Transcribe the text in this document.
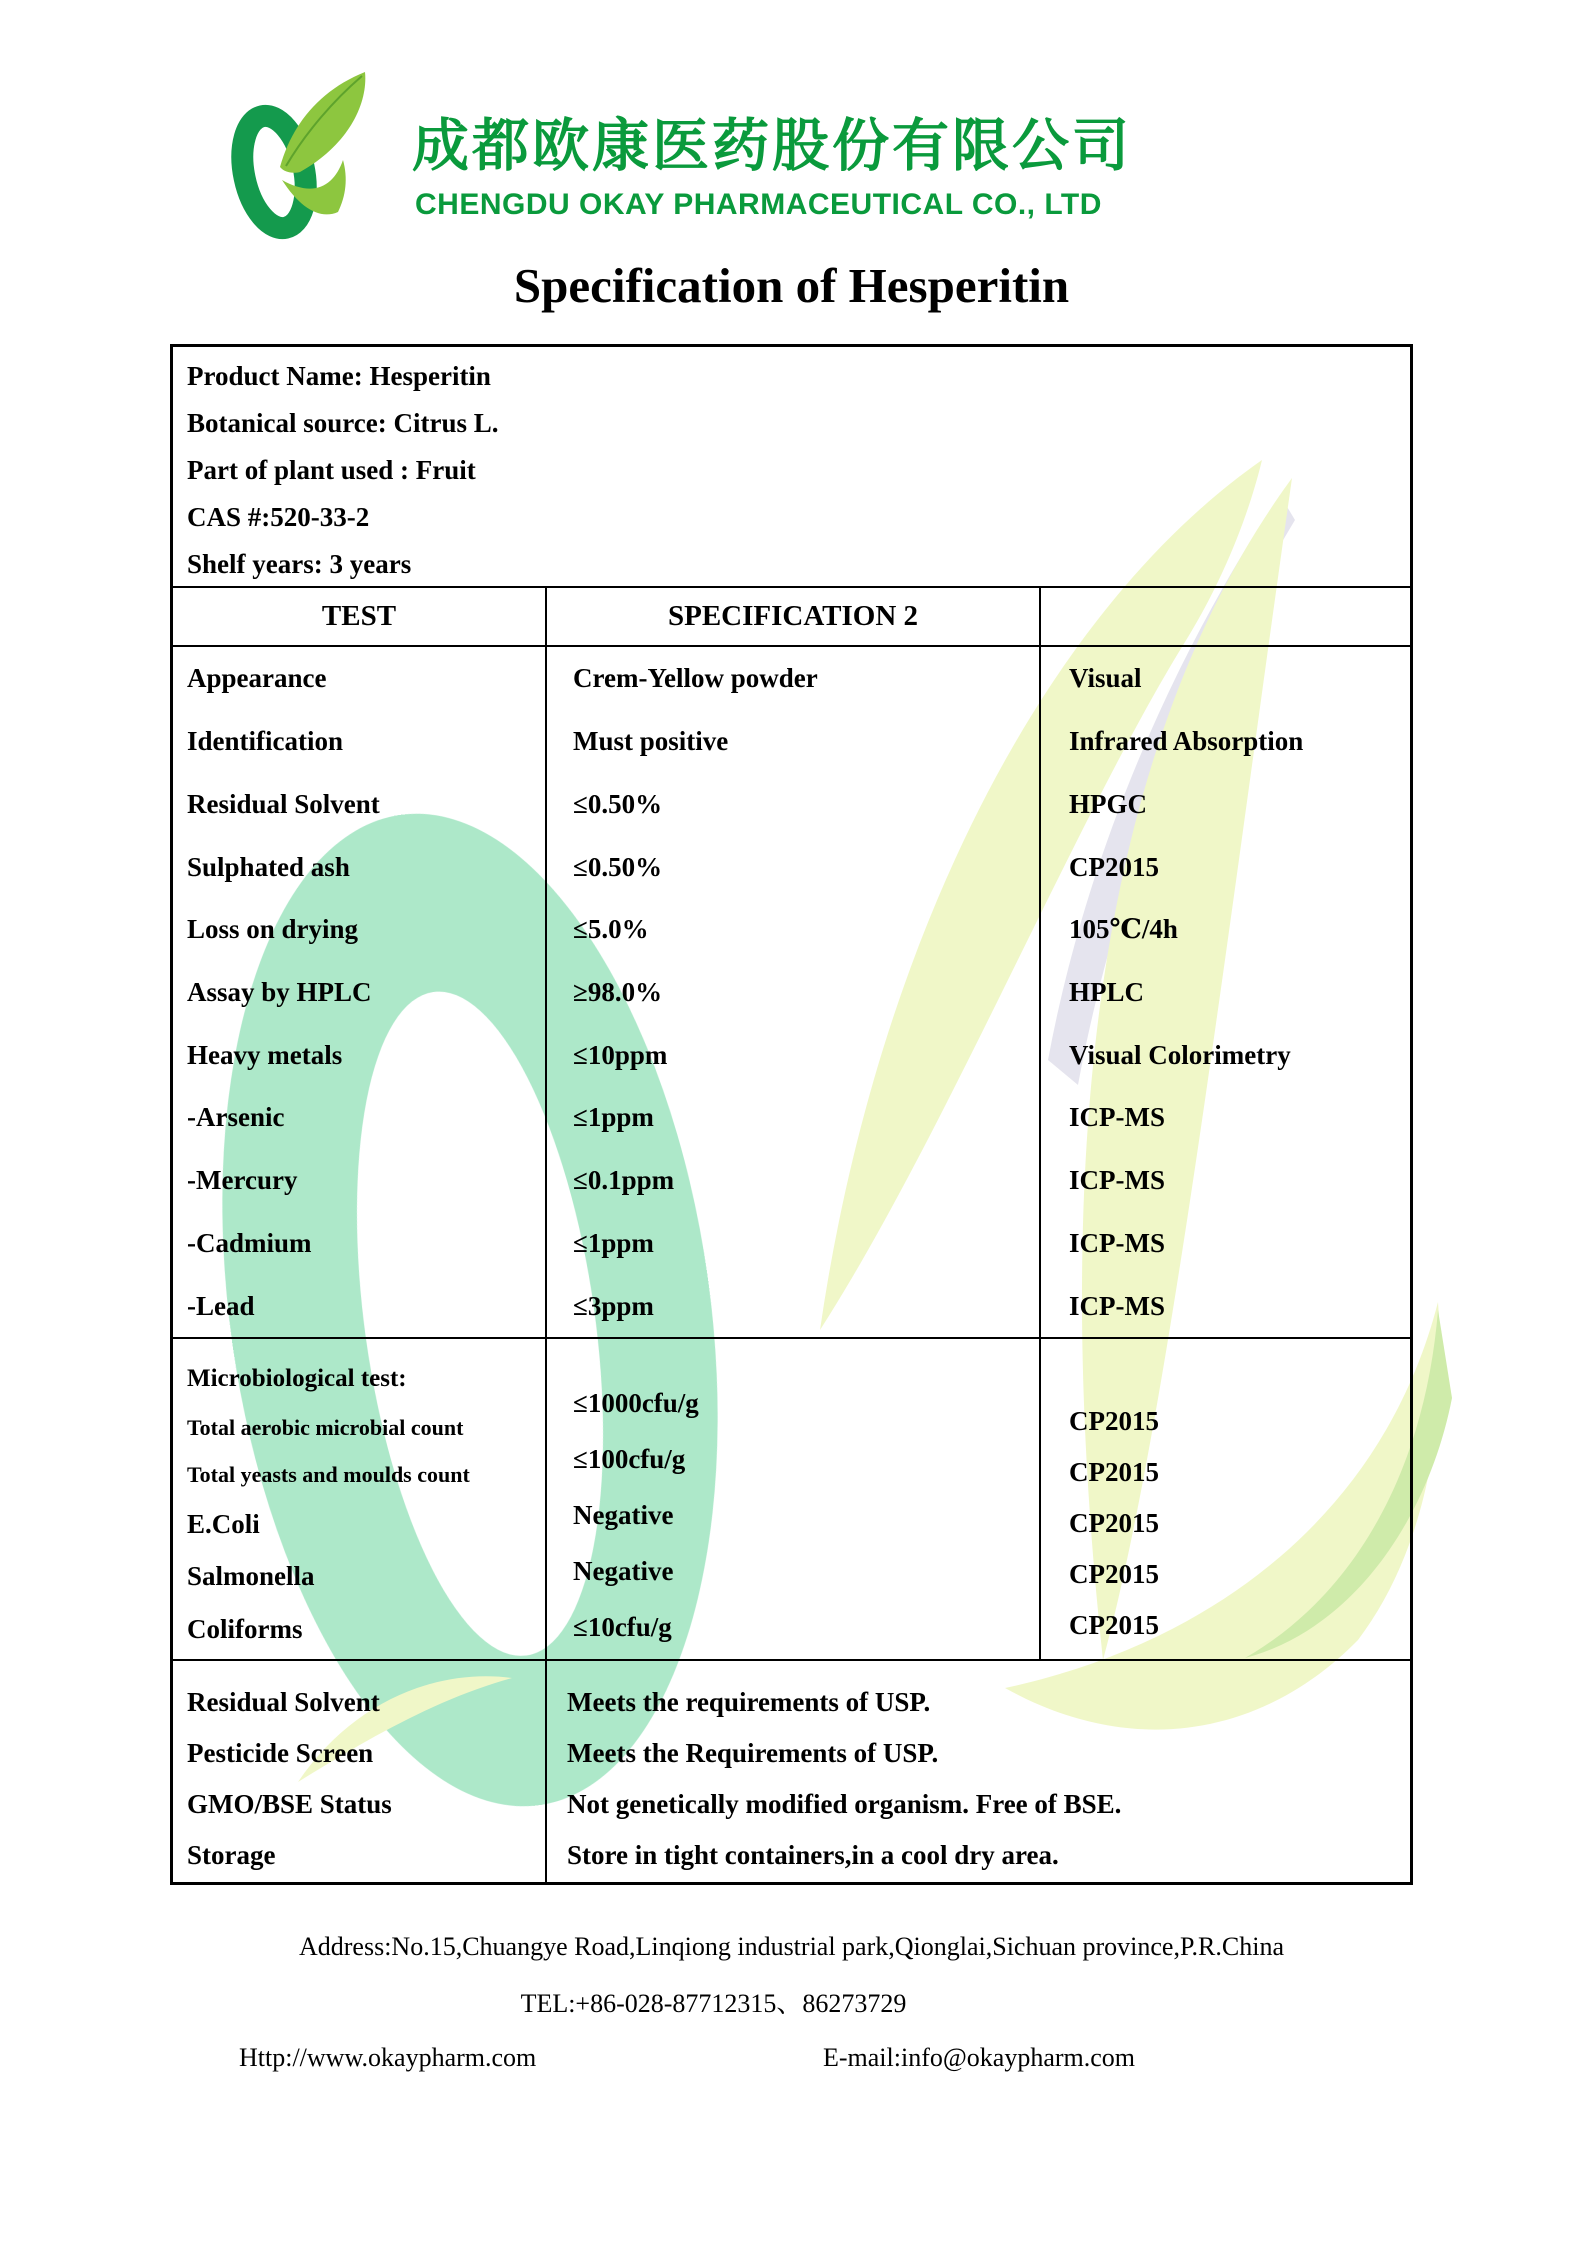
成都欧康医药股份有限公司
CHENGDU OKAY PHARMACEUTICAL CO., LTD
Specification of Hesperitin
Product Name: Hesperitin
Botanical source: Citrus L.
Part of plant used : Fruit
CAS #:520-33-2
Shelf years: 3 years
TEST	SPECIFICATION 2
Appearance
Identification
Residual Solvent
Sulphated ash
Loss on drying
Assay by HPLC
Heavy metals
-Arsenic
-Mercury
-Cadmium
-Lead
Crem-Yellow powder
Must positive
≤0.50%
≤0.50%
≤5.0%
≥98.0%
≤10ppm
≤1ppm
≤0.1ppm
≤1ppm
≤3ppm
Visual
Infrared Absorption
HPGC
CP2015
105℃/4h
HPLC
Visual Colorimetry
ICP-MS
ICP-MS
ICP-MS
ICP-MS
Microbiological test:
Total aerobic microbial count
Total yeasts and moulds count
E.Coli
Salmonella
Coliforms
≤1000cfu/g
≤100cfu/g
Negative
Negative
≤10cfu/g
CP2015
CP2015
CP2015
CP2015
CP2015
Residual Solvent
Pesticide Screen
GMO/BSE Status
Storage
Meets the requirements of USP.
Meets the Requirements of USP.
Not genetically modified organism. Free of BSE.
Store in tight containers,in a cool dry area.
Address:No.15,Chuangye Road,Linqiong industrial park,Qionglai,Sichuan province,P.R.China
TEL:+86-028-87712315、86273729
Http://www.okaypharm.com	E-mail:info@okaypharm.com
